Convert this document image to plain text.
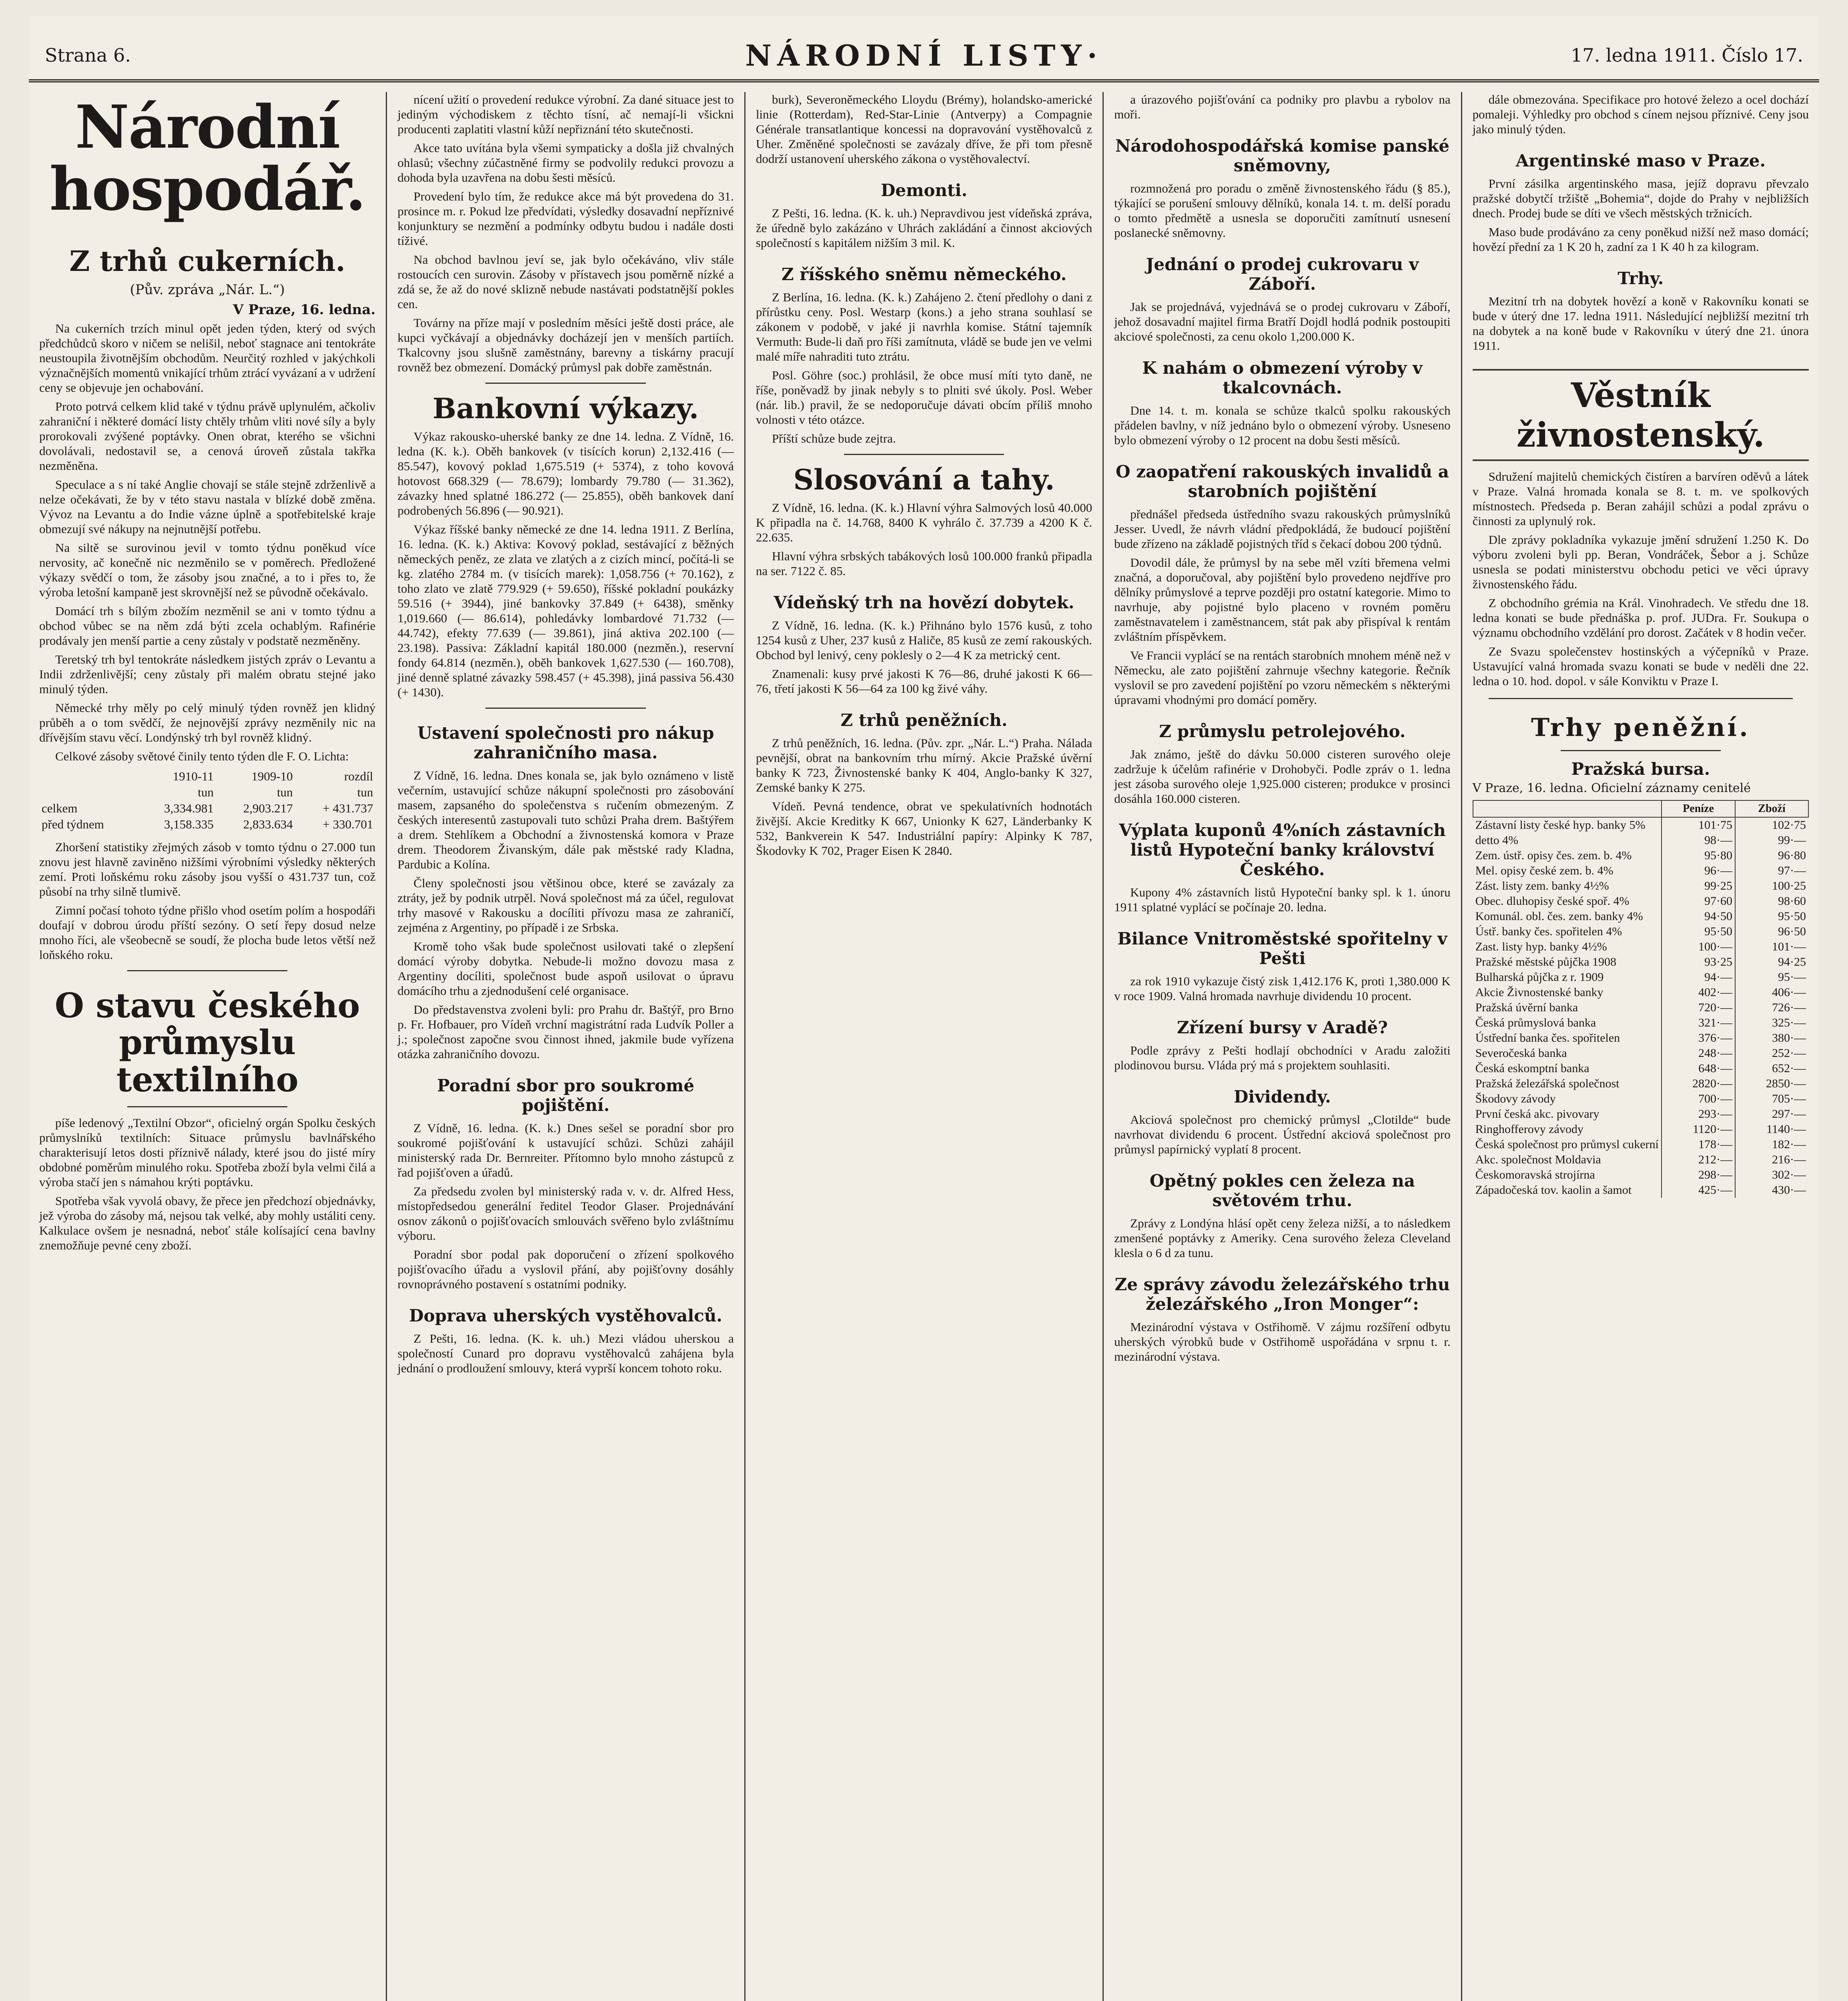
Strana 6.	NÁRODNÍ LISTY·	17. ledna 1911. Číslo 17.
Národní hospodář.
Z trhů cukerních.
(Pův. zpráva „Nár. L.“)
V Praze, 16. ledna.

Na cukerních trzích minul opět jeden týden, který od svých předchůdců skoro v ničem se nelišil, neboť stagnace ani tentokráte neustoupila životnějším obchodům. Neurčitý rozhled v jakýchkoli význačnějších momentů vnikající trhům ztrácí vyvázaní a v udržení ceny se objevuje jen ochabování.

Proto potrvá celkem klid také v týdnu právě uplynulém, ačkoliv zahraniční i některé domácí listy chtěly trhům vliti nové síly a byly prorokovali zvýšené poptávky. Onen obrat, kterého se všichni dovolávali, nedostavil se, a cenová úroveň zůstala takřka nezměněna.

Speculace a s ní také Anglie chovají se stále stejně zdrženlivě a nelze očekávati, že by v této stavu nastala v blízké době změna. Vývoz na Levantu a do Indie vázne úplně a spotřebitelské kraje obmezují své nákupy na nejnutnější potřebu.

Na siltě se surovinou jevil v tomto týdnu poněkud více nervosity, ač konečně nic nezměnilo se v poměrech. Předložené výkazy svědčí o tom, že zásoby jsou značné, a to i přes to, že výroba letošní kampaně jest skrovnější než se původně očekávalo.

Domácí trh s bílým zbožím nezměnil se ani v tomto týdnu a obchod vůbec se na něm zdá býti zcela ochablým. Rafinérie prodávaly jen menší partie a ceny zůstaly v podstatě nezměněny.

Teretský trh byl tentokráte následkem jistých zpráv o Levantu a Indii zdrženlivější; ceny zůstaly při malém obratu stejné jako minulý týden.

Německé trhy měly po celý minulý týden rovněž jen klidný průběh a o tom svědčí, že nejnovější zprávy nezměnily nic na dřívějším stavu věcí. Londýnský trh byl rovněž klidný.

Celkové zásoby světové činily tento týden dle F. O. Lichta:

	1910-11	1909-10	rozdíl
	tun	tun	tun
celkem	3,334.981	2,903.217	+ 431.737
před týdnem	3,158.335	2,833.634	+ 330.701

Zhoršení statistiky zřejmých zásob v tomto týdnu o 27.000 tun znovu jest hlavně zaviněno nižšími výrobními výsledky některých zemí. Proti loňskému roku zásoby jsou vyšší o 431.737 tun, což působí na trhy silně tlumivě.

Zimní počasí tohoto týdne přišlo vhod osetím polím a hospodáři doufají v dobrou úrodu příští sezóny. O setí řepy dosud nelze mnoho říci, ale všeobecně se soudí, že plocha bude letos větší než loňského roku.

O stavu českého průmyslu textilního

píše ledenový „Textilní Obzor“, oficielný orgán Spolku českých průmyslníků textilních: Situace průmyslu bavlnářského charakterisují letos dosti příznivě nálady, které jsou do jisté míry obdobné poměrům minulého roku. Spotřeba zboží byla velmi čilá a výroba stačí jen s námahou krýti poptávku.

Spotřeba však vyvolá obavy, že přece jen předchozí objednávky, jež výroba do zásoby má, nejsou tak velké, aby mohly ustáliti ceny. Kalkulace ovšem je nesnadná, neboť stále kolísající cena bavlny znemožňuje pevné ceny zboží.

nícení užití o provedení redukce výrobní. Za dané situace jest to jediným východiskem z těchto tísní, ač nemají-li všickni producenti zaplatiti vlastní kůží nepřiznání této skutečnosti.

Akce tato uvítána byla všemi sympaticky a došla již chvalných ohlasů; všechny zúčastněné firmy se podvolily redukci provozu a dohoda byla uzavřena na dobu šesti měsíců.

Provedení bylo tím, že redukce akce má být provedena do 31. prosince m. r. Pokud lze předvídati, výsledky dosavadní nepříznivé konjunktury se nezmění a podmínky odbytu budou i nadále dosti tíživé.

Na obchod bavlnou jeví se, jak bylo očekáváno, vliv stále rostoucích cen surovin. Zásoby v přístavech jsou poměrně nízké a zdá se, že až do nové sklizně nebude nastávati podstatnější pokles cen.

Továrny na příze mají v posledním měsíci ještě dosti práce, ale kupci vyčkávají a objednávky docházejí jen v menších partiích. Tkalcovny jsou slušně zaměstnány, barevny a tiskárny pracují rovněž bez obmezení. Domácký průmysl pak dobře zaměstnán.

Bankovní výkazy.

Výkaz rakousko-uherské banky ze dne 14. ledna. Z Vídně, 16. ledna (K. k.). Oběh bankovek (v tisících korun) 2,132.416 (— 85.547), kovový poklad 1,675.519 (+ 5374), z toho kovová hotovost 668.329 (— 78.679); lombardy 79.780 (— 31.362), závazky hned splatné 186.272 (— 25.855), oběh bankovek daní podrobených 56.896 (— 90.921).

Výkaz říšské banky německé ze dne 14. ledna 1911. Z Berlína, 16. ledna. (K. k.) Aktiva: Kovový poklad, sestávající z běžných německých peněz, ze zlata ve zlatých a z cizích mincí, počítá-li se kg. zlatého 2784 m. (v tisících marek): 1,058.756 (+ 70.162), z toho zlato ve zlatě 779.929 (+ 59.650), říšské pokladní poukázky 59.516 (+ 3944), jiné bankovky 37.849 (+ 6438), směnky 1,019.660 (— 86.614), pohledávky lombardové 71.732 (— 44.742), efekty 77.639 (— 39.861), jiná aktiva 202.100 (— 23.198). Passiva: Základní kapitál 180.000 (nezměn.), reservní fondy 64.814 (nezměn.), oběh bankovek 1,627.530 (— 160.708), jiné denně splatné závazky 598.457 (+ 45.398), jiná passiva 56.430 (+ 1430).

Ustavení společnosti pro nákup zahraničního masa.

Z Vídně, 16. ledna. Dnes konala se, jak bylo oznámeno v listě večerním, ustavující schůze nákupní společnosti pro zásobování masem, zapsaného do společenstva s ručením obmezeným. Z českých interesentů zastupovali tuto schůzi Praha drem. Baštýřem a drem. Stehlíkem a Obchodní a živnostenská komora v Praze drem. Theodorem Živanským, dále pak městské rady Kladna, Pardubic a Kolína.

Členy společnosti jsou většinou obce, které se zavázaly za ztráty, jež by podnik utrpěl. Nová společnost má za účel, regulovat trhy masové v Rakousku a docíliti přívozu masa ze zahraničí, zejména z Argentiny, po případě i ze Srbska.

Kromě toho však bude společnost usilovati také o zlepšení domácí výroby dobytka. Nebude-li možno dovozu masa z Argentiny docíliti, společnost bude aspoň usilovat o úpravu domácího trhu a zjednodušení celé organisace.

Do představenstva zvoleni byli: pro Prahu dr. Baštýř, pro Brno p. Fr. Hofbauer, pro Vídeň vrchní magistrátní rada Ludvík Poller a j.; společnost započne svou činnost ihned, jakmile bude vyřízena otázka zahraničního dovozu.

Poradní sbor pro soukromé pojištění.

Z Vídně, 16. ledna. (K. k.) Dnes sešel se poradní sbor pro soukromé pojišťování k ustavující schůzi. Schůzi zahájil ministerský rada Dr. Bernreiter. Přítomno bylo mnoho zástupců z řad pojišťoven a úřadů.

Za předsedu zvolen byl ministerský rada v. v. dr. Alfred Hess, místopředsedou generální ředitel Teodor Glaser. Projednávání osnov zákonů o pojišťovacích smlouvách svěřeno bylo zvláštnímu výboru.

Poradní sbor podal pak doporučení o zřízení spolkového pojišťovacího úřadu a vyslovil přání, aby pojišťovny dosáhly rovnoprávného postavení s ostatními podniky.

Doprava uherských vystěhovalců.

Z Pešti, 16. ledna. (K. k. uh.) Mezi vládou uherskou a společností Cunard pro dopravu vystěhovalců zahájena byla jednání o prodloužení smlouvy, která vyprší koncem tohoto roku.

burk), Severoněmeckého Lloydu (Brémy), holandsko-americké linie (Rotterdam), Red-Star-Linie (Antverpy) a Compagnie Générale transatlantique koncessi na dopravování vystěhovalců z Uher. Změněné společnosti se zavázaly dříve, že při tom přesně dodrží ustanovení uherského zákona o vystěhovalectví.

Demonti.

Z Pešti, 16. ledna. (K. k. uh.) Nepravdivou jest vídeňská zpráva, že úředně bylo zakázáno v Uhrách zakládání a činnost akciových společností s kapitálem nižším 3 mil. K.

Z říšského sněmu německého.

Z Berlína, 16. ledna. (K. k.) Zahájeno 2. čtení předlohy o dani z přírůstku ceny. Posl. Westarp (kons.) a jeho strana souhlasí se zákonem v podobě, v jaké ji navrhla komise. Státní tajemník Vermuth: Bude-li daň pro říši zamítnuta, vládě se bude jen ve velmi malé míře nahraditi tuto ztrátu.

Posl. Göhre (soc.) prohlásil, že obce musí míti tyto daně, ne říše, poněvadž by jinak nebyly s to plniti své úkoly. Posl. Weber (nár. lib.) pravil, že se nedoporučuje dávati obcím příliš mnoho volnosti v této otázce.

Příští schůze bude zejtra.

Slosování a tahy.

Z Vídně, 16. ledna. (K. k.) Hlavní výhra Salmových losů 40.000 K připadla na č. 14.768, 8400 K vyhrálo č. 37.739 a 4200 K č. 22.635.

Hlavní výhra srbských tabákových losů 100.000 franků připadla na ser. 7122 č. 85.

Vídeňský trh na hovězí dobytek.

Z Vídně, 16. ledna. (K. k.) Přihnáno bylo 1576 kusů, z toho 1254 kusů z Uher, 237 kusů z Haliče, 85 kusů ze zemí rakouských. Obchod byl lenivý, ceny poklesly o 2—4 K za metrický cent.

Znamenali: kusy prvé jakosti K 76—86, druhé jakosti K 66—76, třetí jakosti K 56—64 za 100 kg živé váhy.

Z trhů peněžních.

Z trhů peněžních, 16. ledna. (Pův. zpr. „Nár. L.“) Praha. Nálada pevnější, obrat na bankovním trhu mírný. Akcie Pražské úvěrní banky K 723, Živnostenské banky K 404, Anglo-banky K 327, Zemské banky K 275.

Vídeň. Pevná tendence, obrat ve spekulativních hodnotách živější. Akcie Kreditky K 667, Unionky K 627, Länderbanky K 532, Bankverein K 547. Industriální papíry: Alpinky K 787, Škodovky K 702, Prager Eisen K 2840.

a úrazového pojišťování ca podniky pro plavbu a rybolov na moři.

Národohospodářská komise panské sněmovny,

rozmnožená pro poradu o změně živnostenského řádu (§ 85.), týkající se porušení smlouvy dělníků, konala 14. t. m. delší poradu o tomto předmětě a usnesla se doporučiti zamítnutí usnesení poslanecké sněmovny.

Jednání o prodej cukrovaru v Záboří.

Jak se projednává, vyjednává se o prodej cukrovaru v Záboří, jehož dosavadní majitel firma Bratří Dojdl hodlá podnik postoupiti akciové společnosti, za cenu okolo 1,200.000 K.

K nahám o obmezení výroby v tkalcovnách.

Dne 14. t. m. konala se schůze tkalců spolku rakouských přádelen bavlny, v níž jednáno bylo o obmezení výroby. Usneseno bylo obmezení výroby o 12 procent na dobu šesti měsíců.

O zaopatření rakouských invalidů a starobních pojištění

přednášel předseda ústředního svazu rakouských průmyslníků Jesser. Uvedl, že návrh vládní předpokládá, že budoucí pojištění bude zřízeno na základě pojistných tříd s čekací dobou 200 týdnů.

Dovodil dále, že průmysl by na sebe měl vzíti břemena velmi značná, a doporučoval, aby pojištění bylo provedeno nejdříve pro dělníky průmyslové a teprve později pro ostatní kategorie. Mimo to navrhuje, aby pojistné bylo placeno v rovném poměru zaměstnavatelem i zaměstnancem, stát pak aby přispíval k rentám zvláštním příspěvkem.

Ve Francii vyplácí se na rentách starobních mnohem méně než v Německu, ale zato pojištění zahrnuje všechny kategorie. Řečník vyslovil se pro zavedení pojištění po vzoru německém s některými úpravami vhodnými pro domácí poměry.

Z průmyslu petrolejového.

Jak známo, ještě do dávku 50.000 cisteren surového oleje zadržuje k účelům rafinérie v Drohobyči. Podle zpráv o 1. ledna jest zásoba surového oleje 1,925.000 cisteren; produkce v prosinci dosáhla 160.000 cisteren.

Výplata kuponů 4%ních zástavních listů Hypoteční banky království Českého.

Kupony 4% zástavních listů Hypoteční banky spl. k 1. únoru 1911 splatné vyplácí se počínaje 20. ledna.

Bilance Vnitroměstské spořitelny v Pešti

za rok 1910 vykazuje čistý zisk 1,412.176 K, proti 1,380.000 K v roce 1909. Valná hromada navrhuje dividendu 10 procent.

Zřízení bursy v Aradě?

Podle zprávy z Pešti hodlají obchodníci v Aradu založiti plodinovou bursu. Vláda prý má s projektem souhlasiti.

Dividendy.

Akciová společnost pro chemický průmysl „Clotilde“ bude navrhovat dividendu 6 procent. Ústřední akciová společnost pro průmysl papírnický vyplatí 8 procent.

Opětný pokles cen železa na světovém trhu.

Zprávy z Londýna hlásí opět ceny železa nižší, a to následkem zmenšené poptávky z Ameriky. Cena surového železa Cleveland klesla o 6 d za tunu.

Ze správy závodu železářského trhu železářského „Iron Monger“:

Mezinárodní výstava v Ostřihomě. V zájmu rozšíření odbytu uherských výrobků bude v Ostřihomě uspořádána v srpnu t. r. mezinárodní výstava.

dále obmezována. Specifikace pro hotové železo a ocel dochází pomaleji. Výhledky pro obchod s cínem nejsou příznivé. Ceny jsou jako minulý týden.

Argentinské maso v Praze.

První zásilka argentinského masa, jejíž dopravu převzalo pražské dobytčí tržiště „Bohemia“, dojde do Prahy v nejbližších dnech. Prodej bude se díti ve všech městských tržnicích.

Maso bude prodáváno za ceny poněkud nižší než maso domácí; hovězí přední za 1 K 20 h, zadní za 1 K 40 h za kilogram.

Trhy.

Mezitní trh na dobytek hovězí a koně v Rakovníku konati se bude v úterý dne 17. ledna 1911. Následující nejbližší mezitní trh na dobytek a na koně bude v Rakovníku v úterý dne 21. února 1911.

Věstník živnostenský.

Sdružení majitelů chemických čistíren a barvíren oděvů a látek v Praze. Valná hromada konala se 8. t. m. ve spolkových místnostech. Předseda p. Beran zahájil schůzi a podal zprávu o činnosti za uplynulý rok.

Dle zprávy pokladníka vykazuje jmění sdružení 1.250 K. Do výboru zvoleni byli pp. Beran, Vondráček, Šebor a j. Schůze usnesla se podati ministerstvu obchodu petici ve věci úpravy živnostenského řádu.

Z obchodního grémia na Král. Vinohradech. Ve středu dne 18. ledna konati se bude přednáška p. prof. JUDra. Fr. Soukupa o významu obchodního vzdělání pro dorost. Začátek v 8 hodin večer.

Ze Svazu společenstev hostinských a výčepníků v Praze. Ustavující valná hromada svazu konati se bude v neděli dne 22. ledna o 10. hod. dopol. v sále Konviktu v Praze I.

Trhy peněžní.
Pražská bursa.
V Praze, 16. ledna. Oficielní záznamy cenitelé
	Peníze	Zboží
Zástavní listy české hyp. banky 5%	101·75	102·75
detto 4%	98·—	99·—
Zem. ústř. opisy čes. zem. b. 4%	95·80	96·80
Mel. opisy české zem. b. 4%	96·—	97·—
Zást. listy zem. banky 4½%	99·25	100·25
Obec. dluhopisy české spoř. 4%	97·60	98·60
Komunál. obl. čes. zem. banky 4%	94·50	95·50
Ústř. banky čes. spořitelen 4%	95·50	96·50
Zast. listy hyp. banky 4½%	100·—	101·—
Pražské městské půjčka 1908	93·25	94·25
Bulharská půjčka z r. 1909	94·—	95·—
Akcie Živnostenské banky	402·—	406·—
Pražská úvěrní banka	720·—	726·—
Česká průmyslová banka	321·—	325·—
Ústřední banka čes. spořitelen	376·—	380·—
Severočeská banka	248·—	252·—
Česká eskomptní banka	648·—	652·—
Pražská železářská společnost	2820·—	2850·—
Škodovy závody	700·—	705·—
První česká akc. pivovary	293·—	297·—
Ringhofferovy závody	1120·—	1140·—
Česká společnost pro průmysl cukerní	178·—	182·—
Akc. společnost Moldavia	212·—	216·—
Českomoravská strojírna	298·—	302·—
Západočeská tov. kaolin a šamot	425·—	430·—
